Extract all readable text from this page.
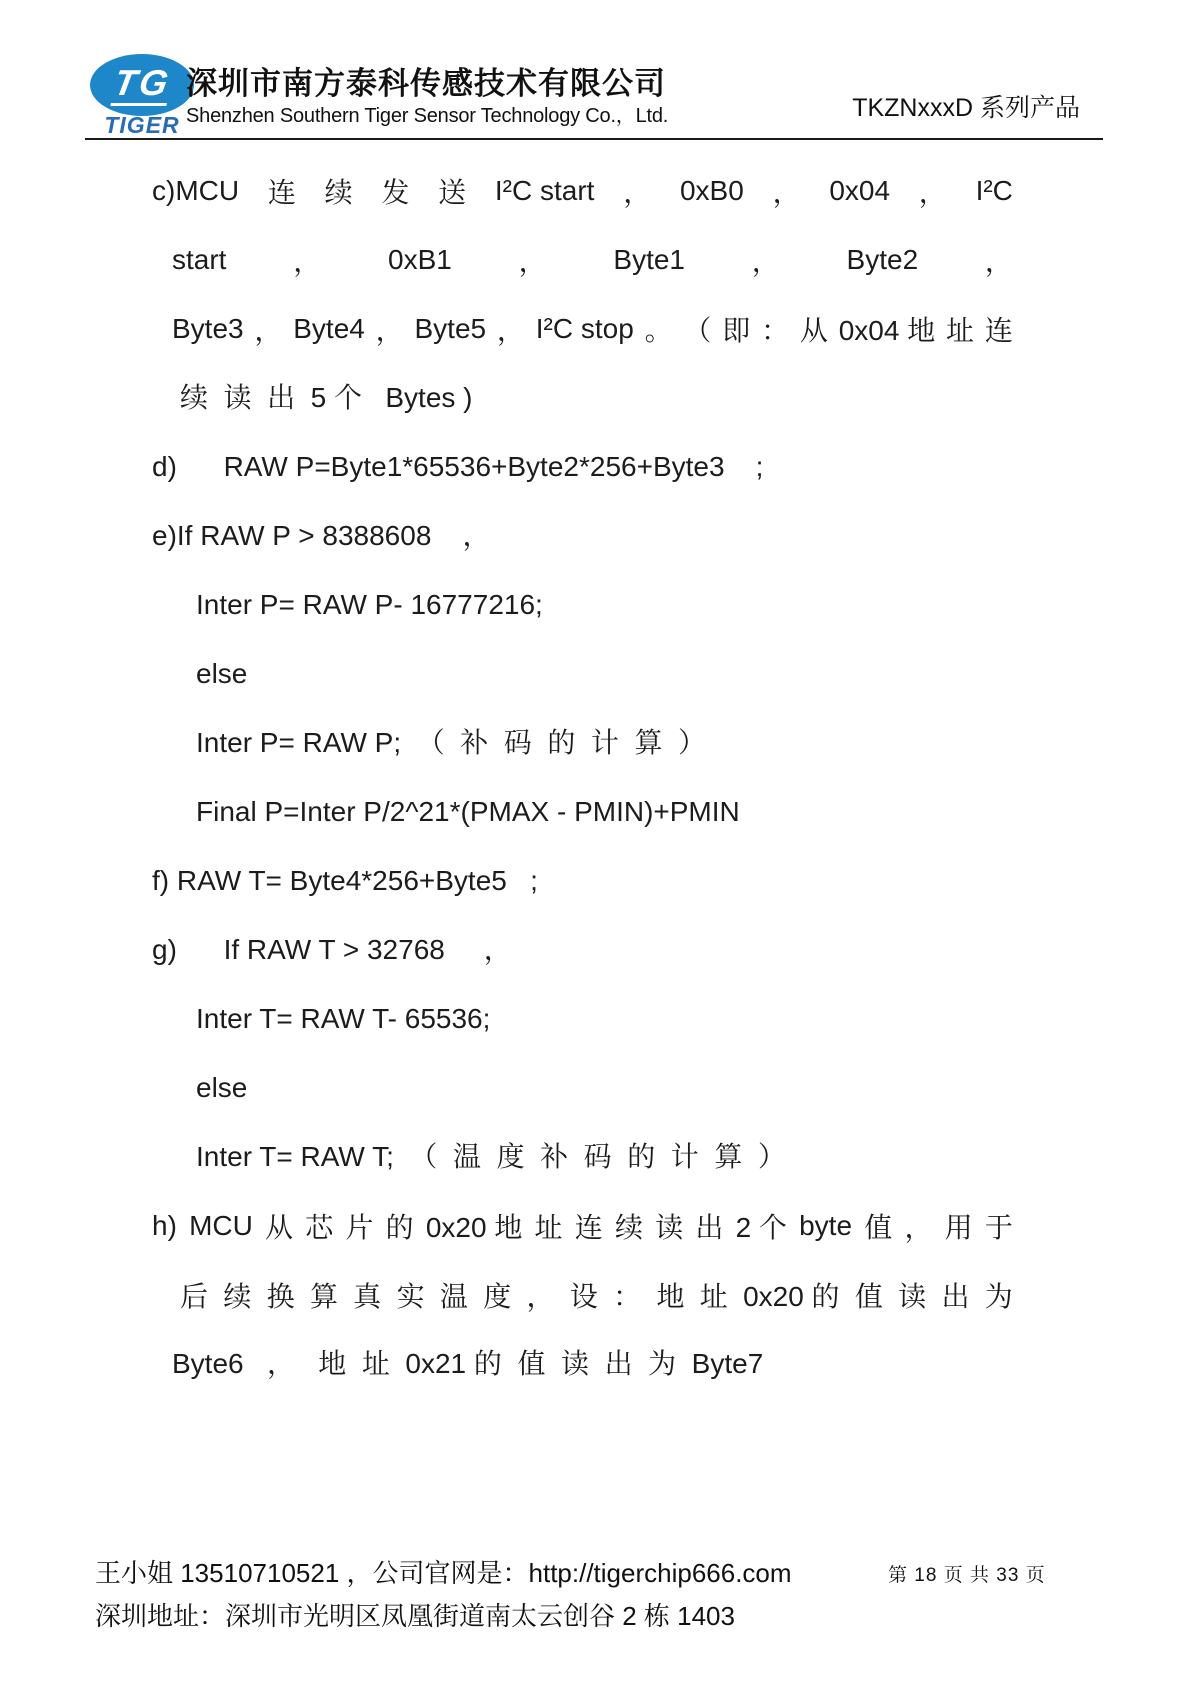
TG
TIGER
深圳市南方泰科传感技术有限公司
Shenzhen Southern Tiger Sensor Technology Co.，Ltd.	TKZNxxxD 系列产品
c)MCU 连 续 发 送 I²C start ， 0xB0 ， 0x04 ， I²C
start ， 0xB1 ， Byte1 ， Byte2 ，
Byte3 ， Byte4 ， Byte5 ， I²C stop 。 （ 即 ： 从 0x04 地 址 连
续  读  出  5 个   Bytes )
d)      RAW P=Byte1*65536+Byte2*256+Byte3    ;
e)If RAW P > 8388608    ，
Inter P= RAW P- 16777216;
else
Inter P= RAW P;  （  补  码  的  计  算  ）
Final P=Inter P/2^21*(PMAX - PMIN)+PMIN
f) RAW T= Byte4*256+Byte5   ;
g)      If RAW T > 32768     ，
Inter T= RAW T- 65536;
else
Inter T= RAW T;  （  温  度  补  码  的  计  算  ）
h) MCU 从 芯 片 的 0x20 地 址 连 续 读 出 2 个 byte 值 ， 用 于
后 续 换 算 真 实 温 度 ， 设 ： 地 址 0x20 的 值 读 出 为
Byte6   ，   地  址  0x21 的  值  读  出  为  Byte7
王小姐 13510710521 ，公司官网是：http://tigerchip666.com
深圳地址：深圳市光明区凤凰街道南太云创谷 2 栋 1403
第 18 页 共 33 页
